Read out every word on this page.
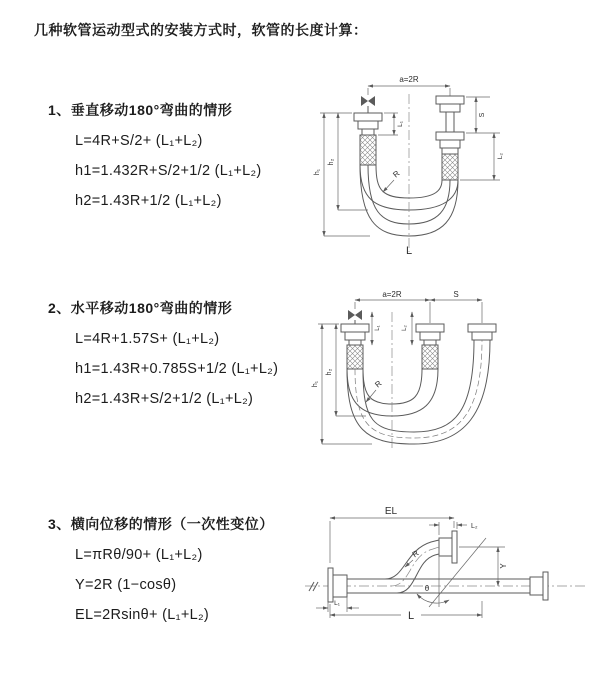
几种软管运动型式的安装方式时，软管的长度计算：
1、垂直移动180°弯曲的情形
L=4R+S/2+ (L₁+L₂)
h1=1.432R+S/2+1/2 (L₁+L₂)
h2=1.43R+1/2 (L₁+L₂)
2、水平移动180°弯曲的情形
L=4R+1.57S+ (L₁+L₂)
h1=1.43R+0.785S+1/2 (L₁+L₂)
h2=1.43R+S/2+1/2 (L₁+L₂)
3、横向位移的情形（一次性变位）
L=πRθ/90+ (L₁+L₂)
Y=2R (1−cosθ)
EL=2Rsinθ+ (L₁+L₂)
a=2R
L₁
S
L₂
R
h₁
h₂
L
a=2R	S
L₁	L₂
R
h₁
h₂
EL
L₂
Y
θ
R
L
L₁
